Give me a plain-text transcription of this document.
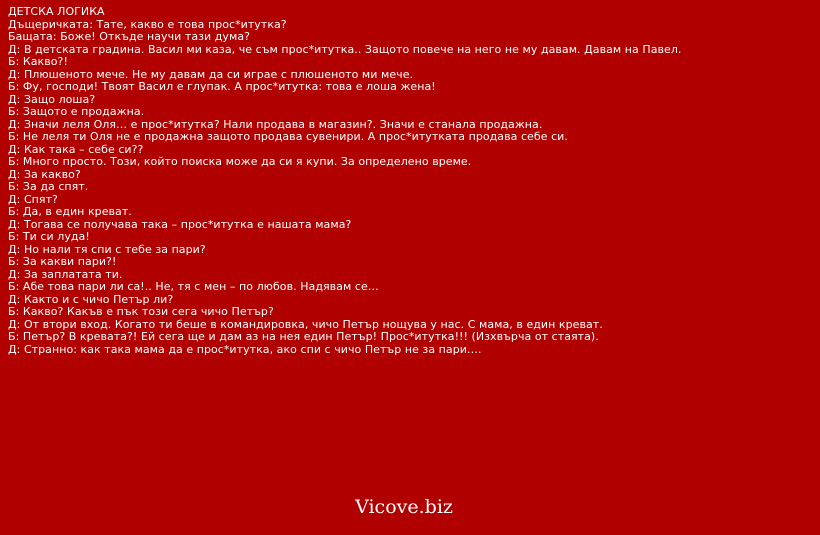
ДЕТСКА ЛОГИКА
Дъщеричката: Тате, какво е това прос*итутка?
Бащата: Боже! Откъде научи тази дума?
Д: В детската градина. Васил ми каза, че съм прос*итутка.. Защото повече на него не му давам. Давам на Павел.
Б: Какво?!
Д: Плюшеното мече. Не му давам да си играе с плюшеното ми мече.
Б: Фу, господи! Твоят Васил е глупак. А прос*итутка: това е лоша жена!
Д: Защо лоша?
Б: Защото е продажна.
Д: Значи леля Оля… е прос*итутка? Нали продава в магазин?. Значи е станала продажна.
Б: Не леля ти Оля не е продажна защото продава сувенири. А прос*итутката продава себе си.
Д: Как така – себе си??
Б: Много просто. Този, който поиска може да си я купи. За определено време.
Д: За какво?
Б: За да спят.
Д: Спят?
Б: Да, в един креват.
Д: Тогава се получава така – прос*итутка е нашата мама?
Б: Ти си луда!
Д: Но нали тя спи с тебе за пари?
Б: За какви пари?!
Д: За заплатата ти.
Б: Абе това пари ли са!.. Не, тя с мен – по любов. Надявам се…
Д: Както и с чичо Петър ли?
Б: Какво? Какъв е пък този сега чичо Петър?
Д: От втори вход. Когато ти беше в командировка, чичо Петър нощува у нас. С мама, в един креват.
Б: Петър? В кревата?! Ей сега ще и дам аз на нея един Петър! Прос*итутка!!! (Изхвърча от стаята).
Д: Странно: как така мама да е прос*итутка, ако спи с чичо Петър не за пари….
Vicove.biz
